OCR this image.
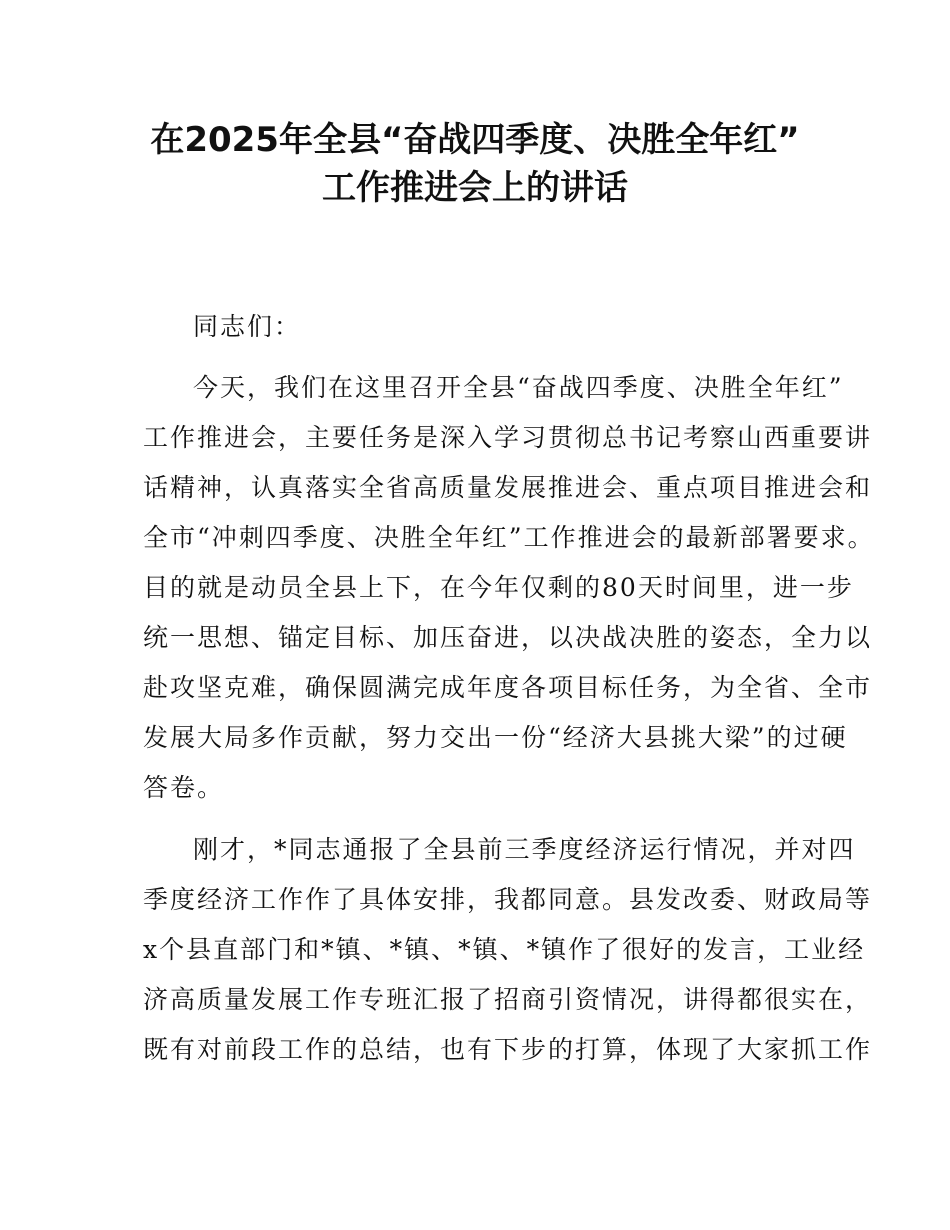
在2025年全县“奋战四季度、决胜全年红”
工作推进会上的讲话
同志们：
今天，我们在这里召开全县“奋战四季度、决胜全年红”
工作推进会，主要任务是深入学习贯彻总书记考察山西重要讲
话精神，认真落实全省高质量发展推进会、重点项目推进会和
全市“冲刺四季度、决胜全年红”工作推进会的最新部署要求。
目的就是动员全县上下，在今年仅剩的80天时间里，进一步
统一思想、锚定目标、加压奋进，以决战决胜的姿态，全力以
赴攻坚克难，确保圆满完成年度各项目标任务，为全省、全市
发展大局多作贡献，努力交出一份“经济大县挑大梁”的过硬
答卷。
刚才，*同志通报了全县前三季度经济运行情况，并对四
季度经济工作作了具体安排，我都同意。县发改委、财政局等
x个县直部门和*镇、*镇、*镇、*镇作了很好的发言，工业经
济高质量发展工作专班汇报了招商引资情况，讲得都很实在，
既有对前段工作的总结，也有下步的打算，体现了大家抓工作
